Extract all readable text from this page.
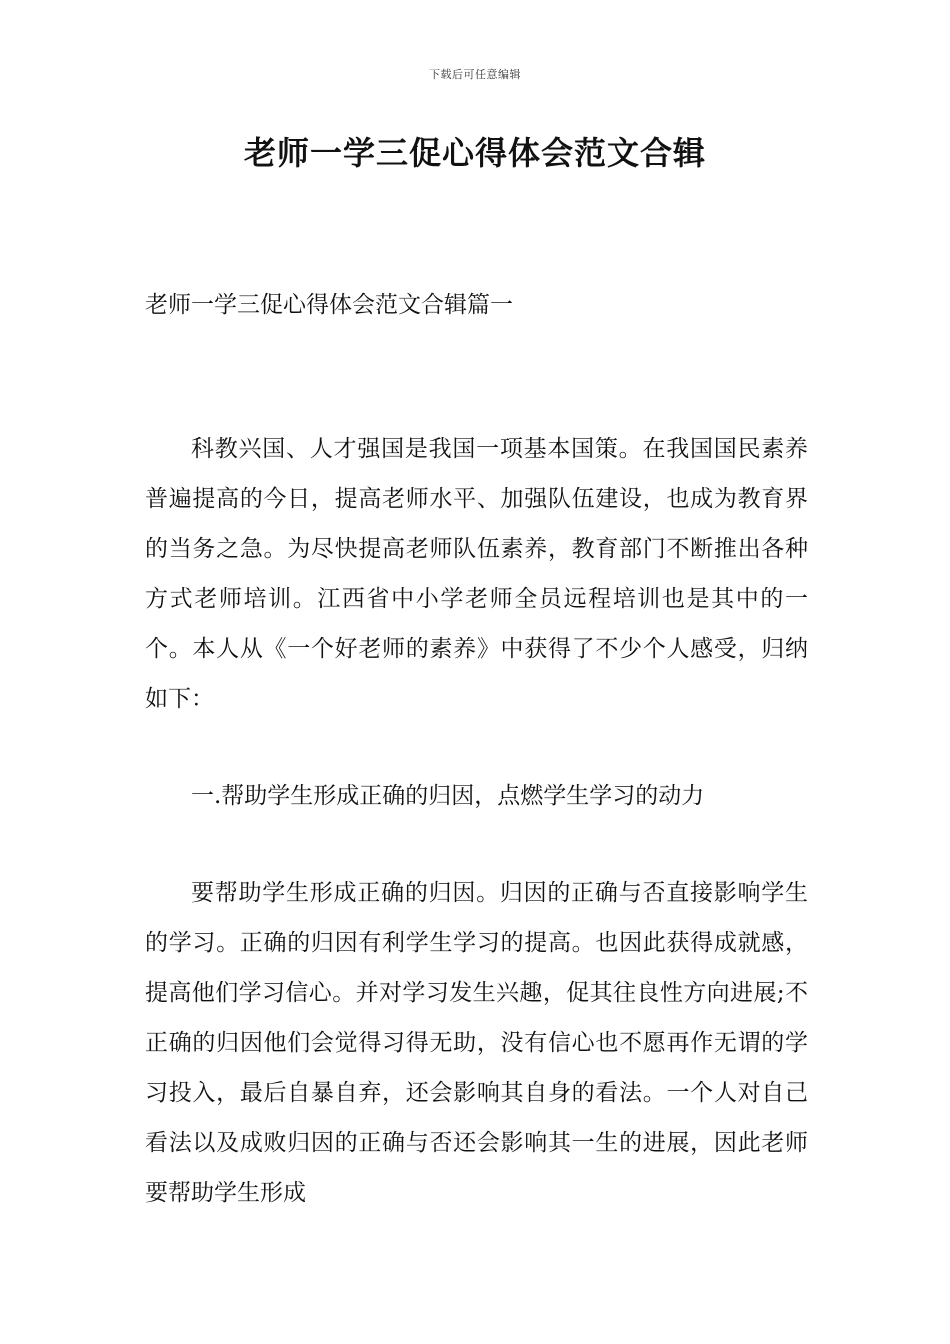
下载后可任意编辑
老师一学三促心得体会范文合辑
老师一学三促心得体会范文合辑篇一

科教兴国、人才强国是我国一项基本国策。在我国国民素养普遍提高的今日，提高老师水平、加强队伍建设，也成为教育界的当务之急。为尽快提高老师队伍素养，教育部门不断推出各种方式老师培训。江西省中小学老师全员远程培训也是其中的一个。本人从《一个好老师的素养》中获得了不少个人感受，归纳如下：

一.帮助学生形成正确的归因，点燃学生学习的动力

要帮助学生形成正确的归因。归因的正确与否直接影响学生的学习。正确的归因有利学生学习的提高。也因此获得成就感，提高他们学习信心。并对学习发生兴趣，促其往良性方向进展;不正确的归因他们会觉得习得无助，没有信心也不愿再作无谓的学习投入，最后自暴自弃，还会影响其自身的看法。一个人对自己看法以及成败归因的正确与否还会影响其一生的进展，因此老师要帮助学生形成
